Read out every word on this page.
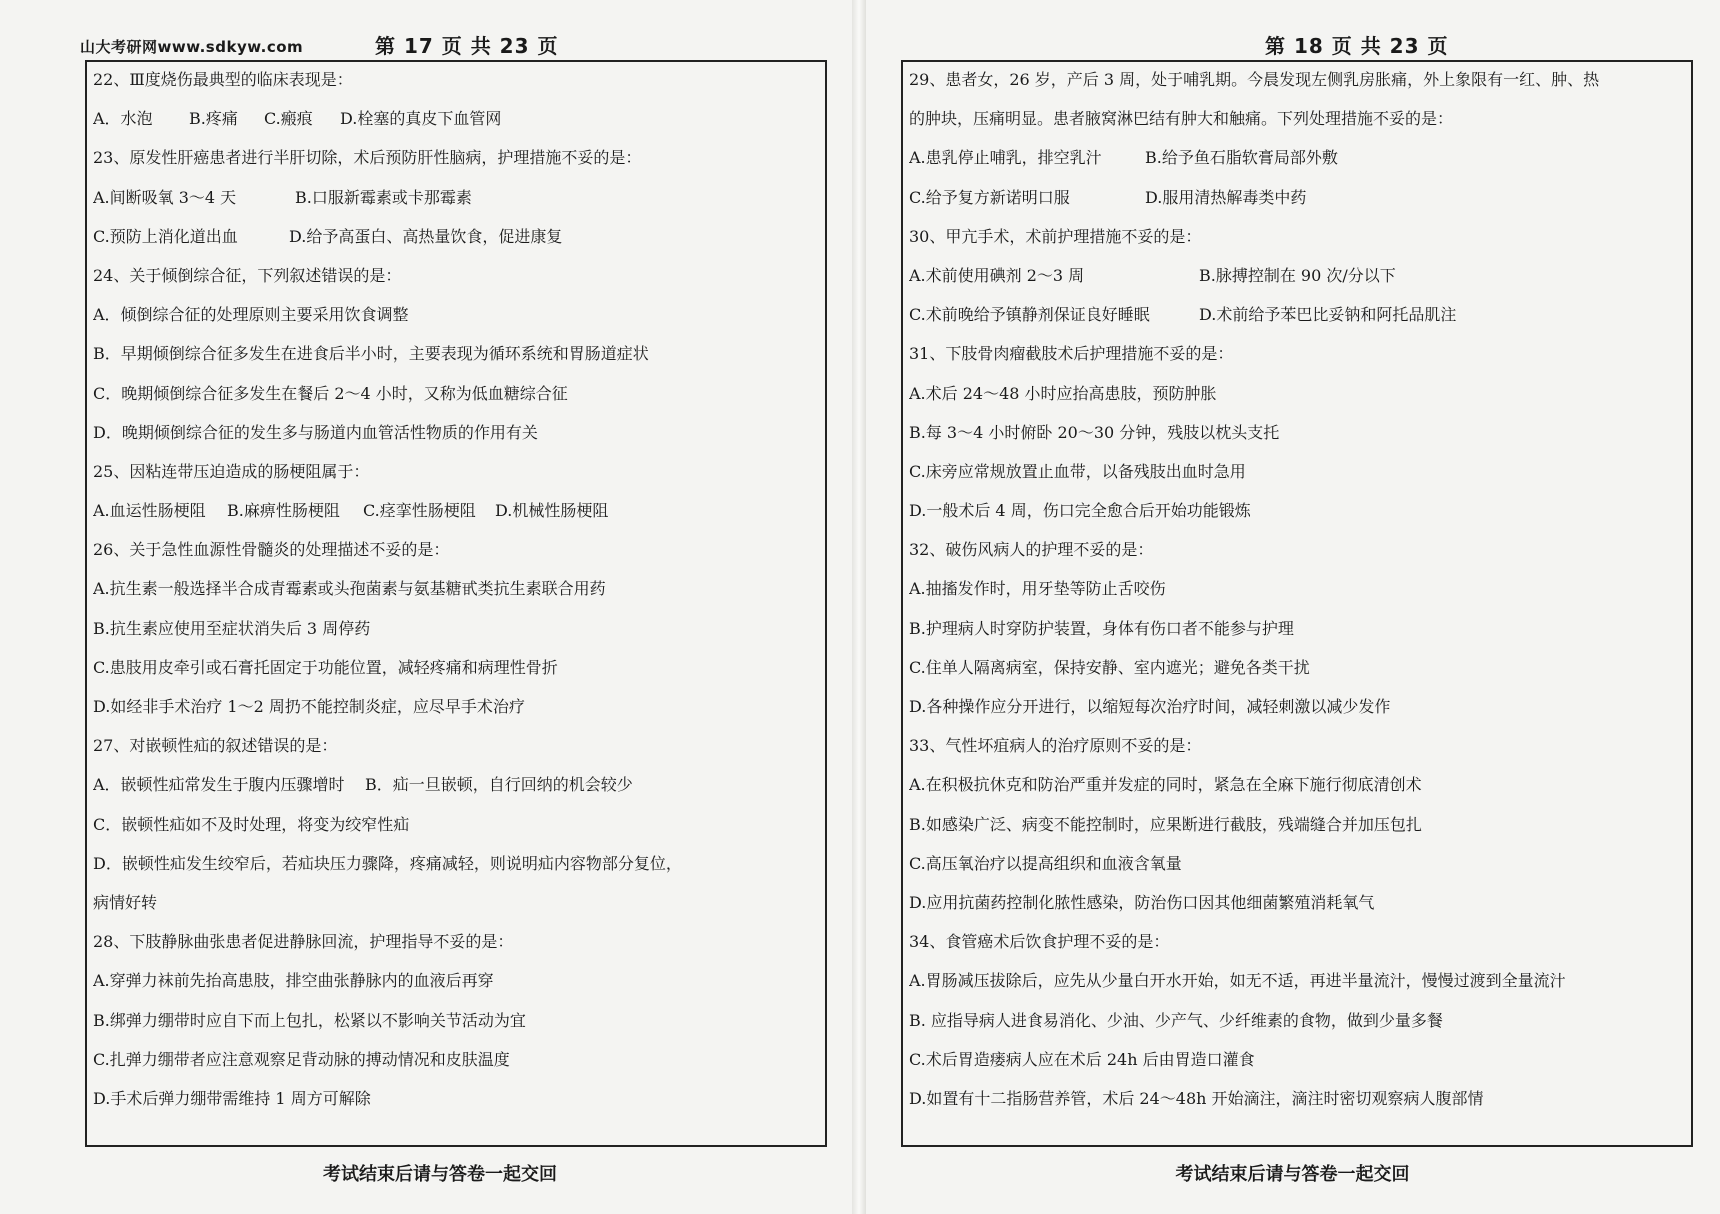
山大考研网www.sdkyw.com	第 17 页 共 23 页
22、Ⅲ度烧伤最典型的临床表现是：
A．水泡	B.疼痛	C.瘢痕	D.栓塞的真皮下血管网
23、原发性肝癌患者进行半肝切除，术后预防肝性脑病，护理措施不妥的是：
A.间断吸氧 3～4 天	B.口服新霉素或卡那霉素
C.预防上消化道出血	D.给予高蛋白、高热量饮食，促进康复
24、关于倾倒综合征，下列叙述错误的是：
A．倾倒综合征的处理原则主要采用饮食调整
B．早期倾倒综合征多发生在进食后半小时，主要表现为循环系统和胃肠道症状
C．晚期倾倒综合征多发生在餐后 2～4 小时，又称为低血糖综合征
D．晚期倾倒综合征的发生多与肠道内血管活性物质的作用有关
25、因粘连带压迫造成的肠梗阻属于：
A.血运性肠梗阻	B.麻痹性肠梗阻	C.痉挛性肠梗阻	D.机械性肠梗阻
26、关于急性血源性骨髓炎的处理描述不妥的是：
A.抗生素一般选择半合成青霉素或头孢菌素与氨基糖甙类抗生素联合用药
B.抗生素应使用至症状消失后 3 周停药
C.患肢用皮牵引或石膏托固定于功能位置，减轻疼痛和病理性骨折
D.如经非手术治疗 1～2 周扔不能控制炎症，应尽早手术治疗
27、对嵌顿性疝的叙述错误的是：
A．嵌顿性疝常发生于腹内压骤增时	B．疝一旦嵌顿，自行回纳的机会较少
C．嵌顿性疝如不及时处理，将变为绞窄性疝
D．嵌顿性疝发生绞窄后，若疝块压力骤降，疼痛减轻，则说明疝内容物部分复位，
病情好转
28、下肢静脉曲张患者促进静脉回流，护理指导不妥的是：
A.穿弹力袜前先抬高患肢，排空曲张静脉内的血液后再穿
B.绑弹力绷带时应自下而上包扎，松紧以不影响关节活动为宜
C.扎弹力绷带者应注意观察足背动脉的搏动情况和皮肤温度
D.手术后弹力绷带需维持 1 周方可解除
考试结束后请与答卷一起交回
第 18 页 共 23 页
29、患者女，26 岁，产后 3 周，处于哺乳期。今晨发现左侧乳房胀痛，外上象限有一红、肿、热
的肿块，压痛明显。患者腋窝淋巴结有肿大和触痛。下列处理措施不妥的是：
A.患乳停止哺乳，排空乳汁	B.给予鱼石脂软膏局部外敷
C.给予复方新诺明口服	D.服用清热解毒类中药
30、甲亢手术，术前护理措施不妥的是：
A.术前使用碘剂 2～3 周	B.脉搏控制在 90 次/分以下
C.术前晚给予镇静剂保证良好睡眠	D.术前给予苯巴比妥钠和阿托品肌注
31、下肢骨肉瘤截肢术后护理措施不妥的是：
A.术后 24～48 小时应抬高患肢，预防肿胀
B.每 3～4 小时俯卧 20～30 分钟，残肢以枕头支托
C.床旁应常规放置止血带，以备残肢出血时急用
D.一般术后 4 周，伤口完全愈合后开始功能锻炼
32、破伤风病人的护理不妥的是：
A.抽搐发作时，用牙垫等防止舌咬伤
B.护理病人时穿防护装置，身体有伤口者不能参与护理
C.住单人隔离病室，保持安静、室内遮光；避免各类干扰
D.各种操作应分开进行，以缩短每次治疗时间，减轻刺激以减少发作
33、气性坏疽病人的治疗原则不妥的是：
A.在积极抗休克和防治严重并发症的同时，紧急在全麻下施行彻底清创术
B.如感染广泛、病变不能控制时，应果断进行截肢，残端缝合并加压包扎
C.高压氧治疗以提高组织和血液含氧量
D.应用抗菌药控制化脓性感染，防治伤口因其他细菌繁殖消耗氧气
34、食管癌术后饮食护理不妥的是：
A.胃肠减压拔除后，应先从少量白开水开始，如无不适，再进半量流汁，慢慢过渡到全量流汁
B. 应指导病人进食易消化、少油、少产气、少纤维素的食物，做到少量多餐
C.术后胃造瘘病人应在术后 24h 后由胃造口灌食
D.如置有十二指肠营养管，术后 24～48h 开始滴注，滴注时密切观察病人腹部情
考试结束后请与答卷一起交回
